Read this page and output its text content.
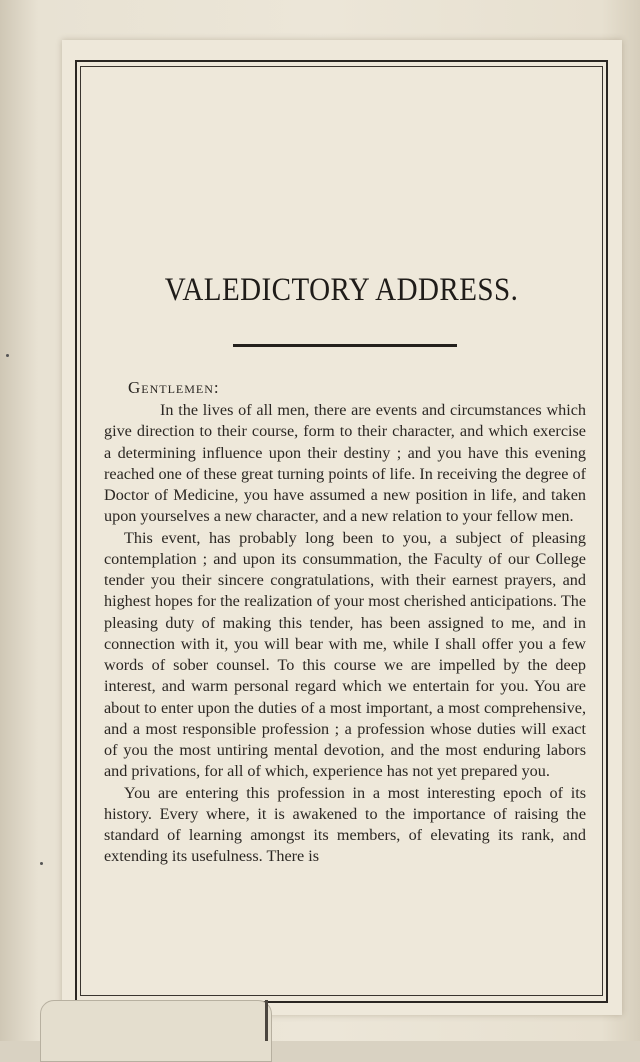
VALEDICTORY ADDRESS.
Gentlemen:

In the lives of all men, there are events and circumstances which give direction to their course, form to their character, and which exercise a determining influence upon their destiny ; and you have this evening reached one of these great turning points of life. In receiving the degree of Doctor of Medicine, you have assumed a new position in life, and taken upon yourselves a new character, and a new relation to your fellow men.

This event, has probably long been to you, a subject of pleasing contemplation ; and upon its consummation, the Faculty of our College tender you their sincere congratulations, with their earnest prayers, and highest hopes for the realization of your most cherished anticipations. The pleasing duty of making this tender, has been assigned to me, and in connection with it, you will bear with me, while I shall offer you a few words of sober counsel. To this course we are impelled by the deep interest, and warm personal regard which we entertain for you. You are about to enter upon the duties of a most important, a most comprehensive, and a most responsible profession ; a profession whose duties will exact of you the most untiring mental devotion, and the most enduring labors and privations, for all of which, experience has not yet prepared you.

You are entering this profession in a most interesting epoch of its history. Every where, it is awakened to the importance of raising the standard of learning amongst its members, of elevating its rank, and extending its usefulness. There is
